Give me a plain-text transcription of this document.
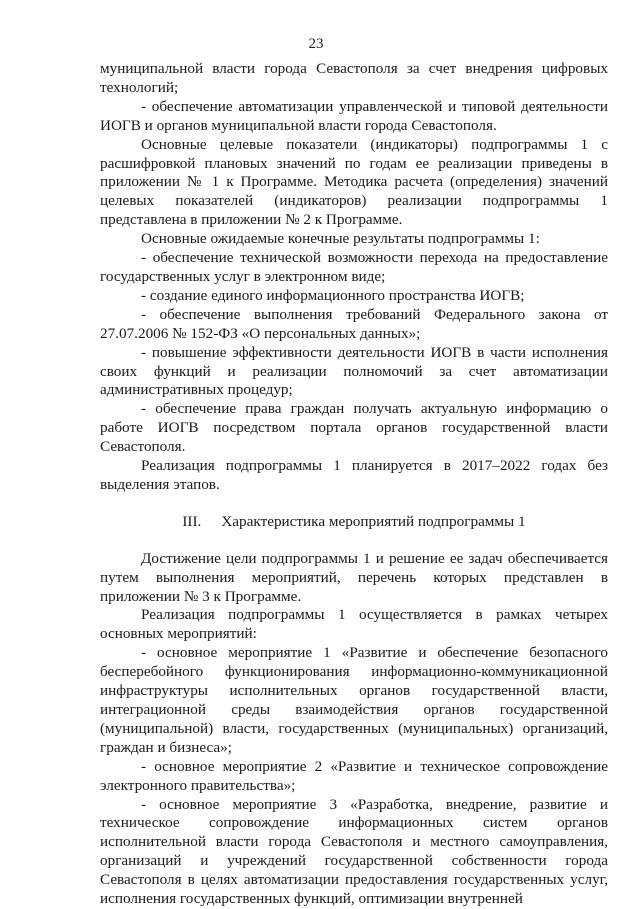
23

муниципальной власти города Севастополя за счет внедрения цифровых технологий;

- обеспечение автоматизации управленческой и типовой деятельности ИОГВ и органов муниципальной власти города Севастополя.

Основные целевые показатели (индикаторы) подпрограммы 1 с расшифровкой плановых значений по годам ее реализации приведены в приложении № 1 к Программе. Методика расчета (определения) значений целевых показателей (индикаторов) реализации подпрограммы 1 представлена в приложении № 2 к Программе.

Основные ожидаемые конечные результаты подпрограммы 1:

- обеспечение технической возможности перехода на предоставление государственных услуг в электронном виде;

- создание единого информационного пространства ИОГВ;

- обеспечение выполнения требований Федерального закона от 27.07.2006 № 152-ФЗ «О персональных данных»;

- повышение эффективности деятельности ИОГВ в части исполнения своих функций и реализации полномочий за счет автоматизации административных процедур;

- обеспечение права граждан получать актуальную информацию о работе ИОГВ посредством портала органов государственной власти Севастополя.

Реализация подпрограммы 1 планируется в 2017–2022 годах без выделения этапов.

III. Характеристика мероприятий подпрограммы 1

Достижение цели подпрограммы 1 и решение ее задач обеспечивается путем выполнения мероприятий, перечень которых представлен в приложении № 3 к Программе.

Реализация подпрограммы 1 осуществляется в рамках четырех основных мероприятий:

- основное мероприятие 1 «Развитие и обеспечение безопасного бесперебойного функционирования информационно-коммуникационной инфраструктуры исполнительных органов государственной власти, интеграционной среды взаимодействия органов государственной (муниципальной) власти, государственных (муниципальных) организаций, граждан и бизнеса»;

- основное мероприятие 2 «Развитие и техническое сопровождение электронного правительства»;

- основное мероприятие 3 «Разработка, внедрение, развитие и техническое сопровождение информационных систем органов исполнительной власти города Севастополя и местного самоуправления, организаций и учреждений государственной собственности города Севастополя в целях автоматизации предоставления государственных услуг, исполнения государственных функций, оптимизации внутренней
